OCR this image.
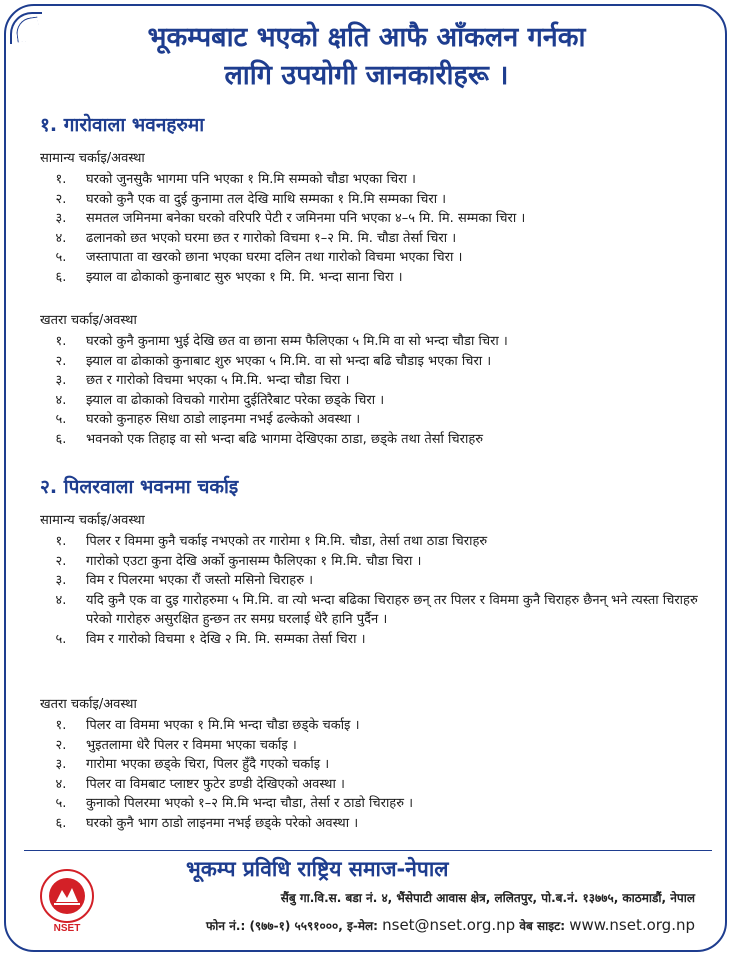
भूकम्पबाट भएको क्षति आफै आँकलन गर्नका
लागि उपयोगी जानकारीहरू ।
१. गारोवाला भवनहरुमा
सामान्य चर्काइ/अवस्था
१.	घरको जुनसुकै भागमा पनि भएका १ मि.मि सम्मको चौडा भएका चिरा ।
२.	घरको कुनै एक वा दुई कुनामा तल देखि माथि सम्मका १ मि.मि सम्मका चिरा ।
३.	समतल जमिनमा बनेका घरको वरिपरि पेटी र जमिनमा पनि भएका ४–५ मि. मि. सम्मका चिरा ।
४.	ढलानको छत भएको घरमा छत र गारोको विचमा १–२ मि. मि. चौडा तेर्सा चिरा ।
५.	जस्तापाता वा खरको छाना भएका घरमा दलिन तथा गारोको विचमा भएका चिरा ।
६.	झ्याल वा ढोकाको कुनाबाट सुरु भएका १ मि. मि. भन्दा साना चिरा ।
खतरा चर्काइ/अवस्था
१.	घरको कुनै कुनामा भुई देखि छत वा छाना सम्म फैलिएका ५ मि.मि वा सो भन्दा चौडा चिरा ।
२.	झ्याल वा ढोकाको कुनाबाट शुरु भएका ५ मि.मि. वा सो भन्दा बढि चौडाइ भएका चिरा ।
३.	छत र गारोको विचमा भएका ५ मि.मि. भन्दा चौडा चिरा ।
४.	झ्याल वा ढोकाको विचको गारोमा दुईतिरैबाट परेका छड्के चिरा ।
५.	घरको कुनाहरु सिधा ठाडो लाइनमा नभई ढल्केको अवस्था ।
६.	भवनको एक तिहाइ वा सो भन्दा बढि भागमा देखिएका ठाडा, छड्के तथा तेर्सा चिराहरु
२. पिलरवाला भवनमा चर्काइ
सामान्य चर्काइ/अवस्था
१.	पिलर र विममा कुनै चर्काइ नभएको तर गारोमा १ मि.मि. चौडा, तेर्सा तथा ठाडा चिराहरु
२.	गारोको एउटा कुना देखि अर्को कुनासम्म फैलिएका १ मि.मि. चौडा चिरा ।
३.	विम र पिलरमा भएका रौं जस्तो मसिनो चिराहरु ।
४.	यदि कुनै एक वा दुइ गारोहरुमा ५ मि.मि. वा त्यो भन्दा बढिका चिराहरु छन् तर पिलर र विममा कुनै चिराहरु छैनन् भने त्यस्ता चिराहरु परेको गारोहरु असुरक्षित हुन्छन तर समग्र घरलाई धेरै हानि पुर्दैन ।
५.	विम र गारोको विचमा १ देखि २ मि. मि. सम्मका तेर्सा चिरा ।
खतरा चर्काइ/अवस्था
१.	पिलर वा विममा भएका १ मि.मि भन्दा चौडा छड्के चर्काइ ।
२.	भुइतलामा धेरै पिलर र विममा भएका चर्काइ ।
३.	गारोमा भएका छड्के चिरा, पिलर हुँदै गएको चर्काइ ।
४.	पिलर वा विमबाट प्लाष्टर फुटेर डण्डी देखिएको अवस्था ।
५.	कुनाको पिलरमा भएको १–२ मि.मि भन्दा चौडा, तेर्सा र ठाडो चिराहरु ।
६.	घरको कुनै भाग ठाडो लाइनमा नभई छड्के परेको अवस्था ।
NSET
भूकम्प प्रविधि राष्ट्रिय समाज-नेपाल
सैंबु गा.वि.स. बडा नं. ४, भैंसेपाटी आवास क्षेत्र, ललितपुर, पो.ब.नं. १३७७५, काठमाडौं, नेपाल
फोन नं.: (९७७-१) ५५९१०००, इ-मेल: nset@nset.org.np वेब साइट: www.nset.org.np
